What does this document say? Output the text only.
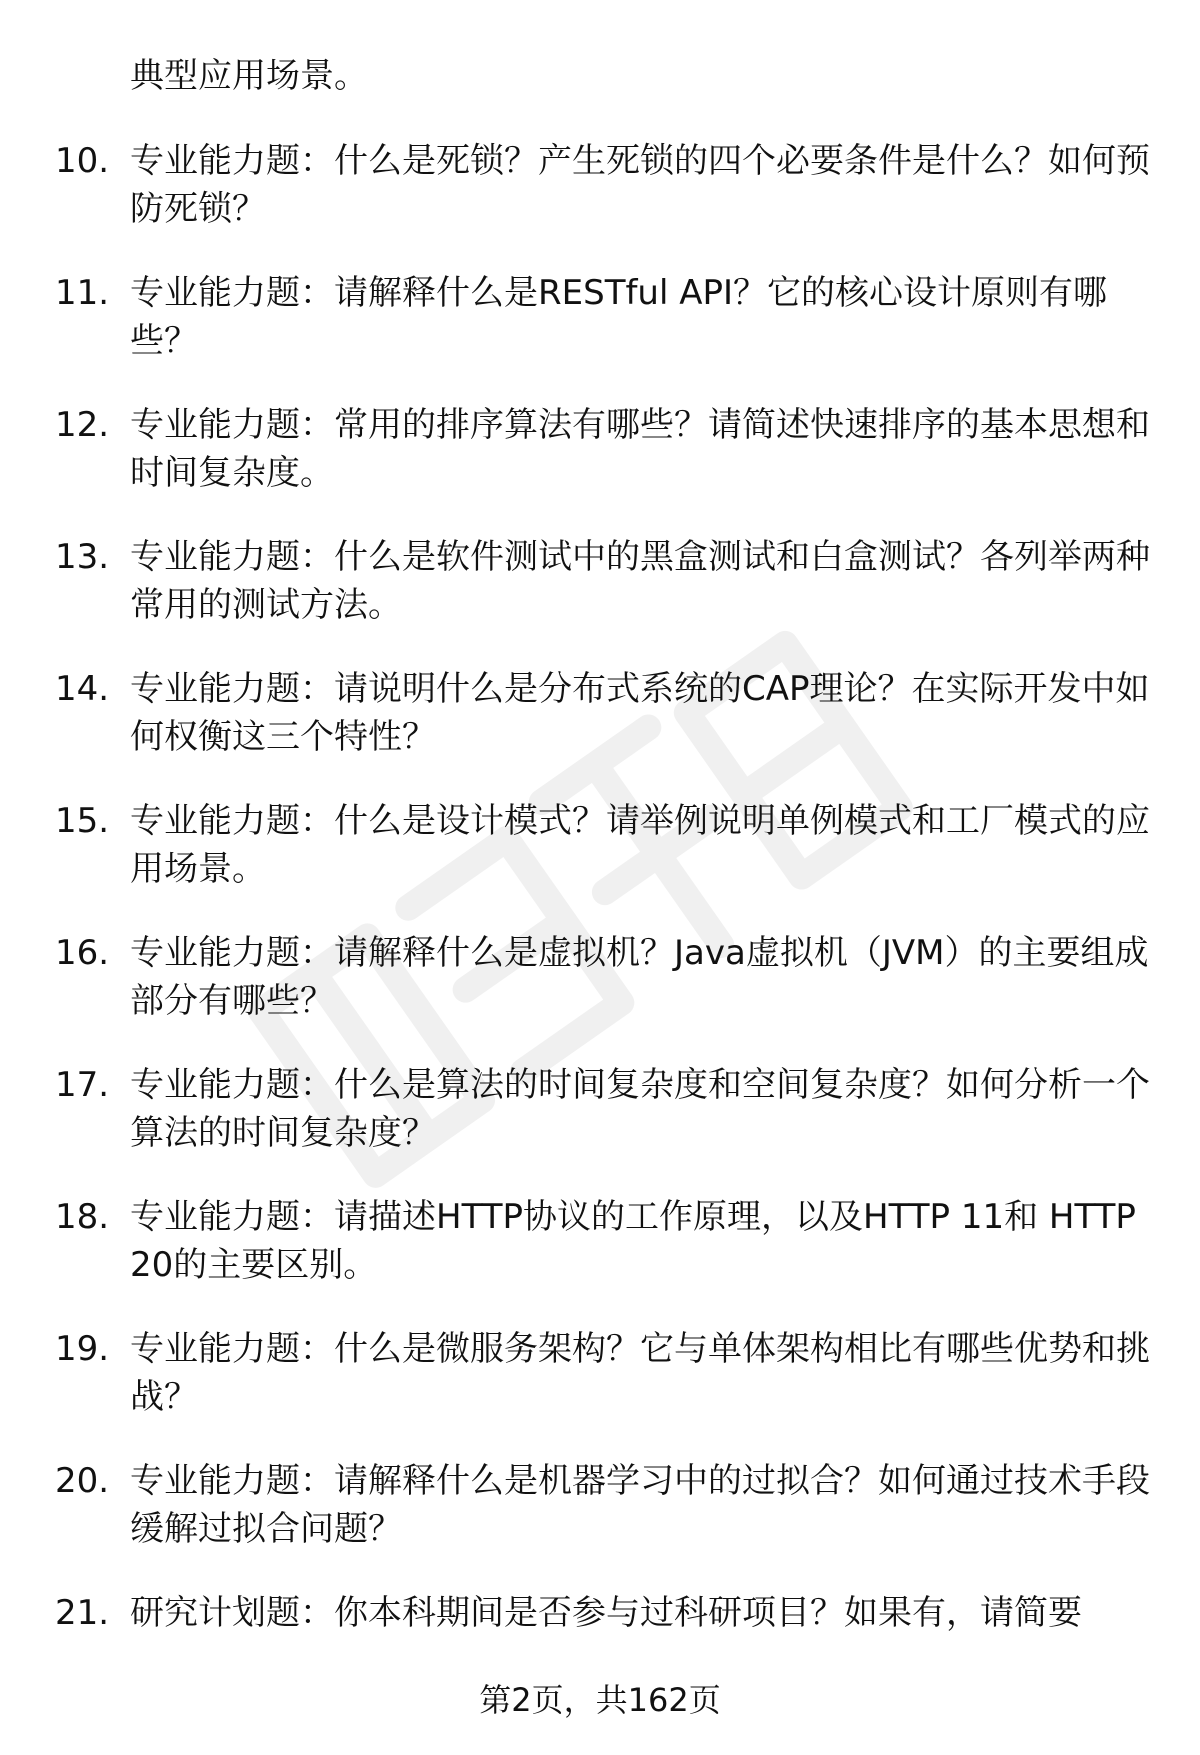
典型应用场景。
10. 专业能力题：什么是死锁？产生死锁的四个必要条件是什么？如何预防死锁？
11. 专业能力题：请解释什么是RESTful API？它的核心设计原则有哪些？
12. 专业能力题：常用的排序算法有哪些？请简述快速排序的基本思想和时间复杂度。
13. 专业能力题：什么是软件测试中的黑盒测试和白盒测试？各列举两种常用的测试方法。
14. 专业能力题：请说明什么是分布式系统的CAP理论？在实际开发中如何权衡这三个特性？
15. 专业能力题：什么是设计模式？请举例说明单例模式和工厂模式的应用场景。
16. 专业能力题：请解释什么是虚拟机？Java虚拟机（JVM）的主要组成部分有哪些？
17. 专业能力题：什么是算法的时间复杂度和空间复杂度？如何分析一个算法的时间复杂度？
18. 专业能力题：请描述HTTP协议的工作原理，以及HTTP 11和 HTTP 20的主要区别。
19. 专业能力题：什么是微服务架构？它与单体架构相比有哪些优势和挑战？
20. 专业能力题：请解释什么是机器学习中的过拟合？如何通过技术手段缓解过拟合问题？
21. 研究计划题：你本科期间是否参与过科研项目？如果有，请简要
第2页，共162页
